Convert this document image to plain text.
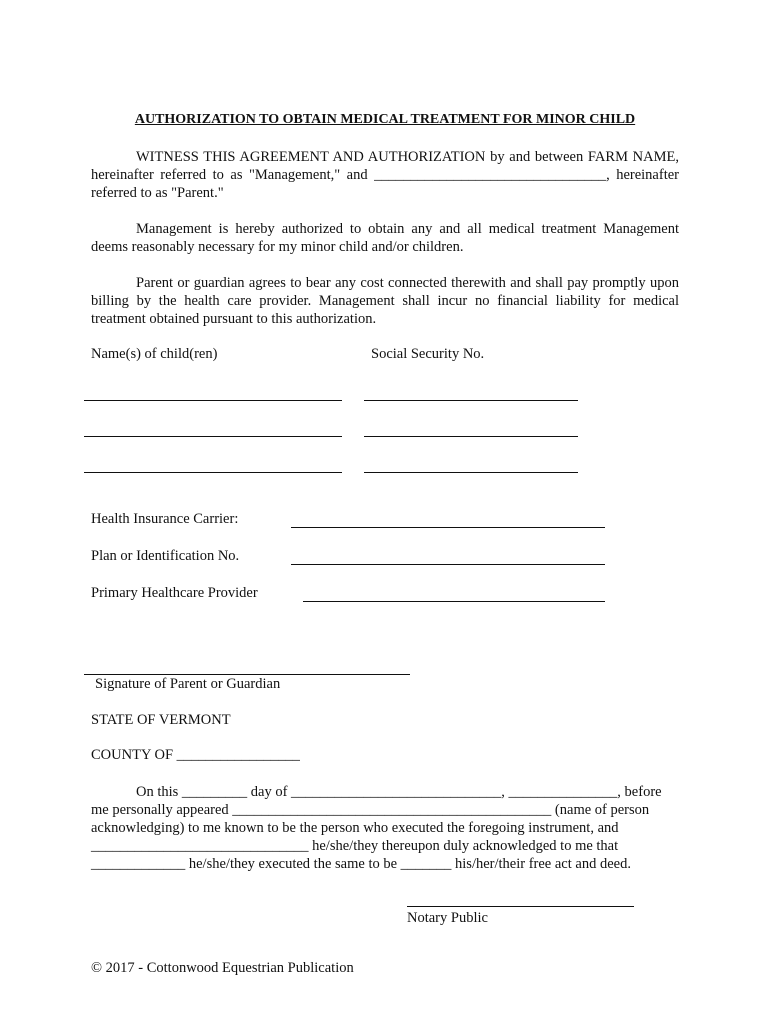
AUTHORIZATION TO OBTAIN MEDICAL TREATMENT FOR MINOR CHILD
WITNESS THIS AGREEMENT AND AUTHORIZATION by and between FARM NAME, hereinafter referred to as "Management," and ________________________________, hereinafter referred to as "Parent."
Management is hereby authorized to obtain any and all medical treatment Management deems reasonably necessary for my minor child and/or children.
Parent or guardian agrees to bear any cost connected therewith and shall pay promptly upon billing by the health care provider. Management shall incur no financial liability for medical treatment obtained pursuant to this authorization.
Name(s) of child(ren)	Social Security No.
Health Insurance Carrier:
Plan or Identification No.
Primary Healthcare Provider
Signature of Parent or Guardian
STATE OF VERMONT
COUNTY OF _________________
On this _________ day of _____________________________, _______________, before
me personally appeared ____________________________________________ (name of person
acknowledging) to me known to be the person who executed the foregoing instrument, and
______________________________ he/she/they thereupon duly acknowledged to me that
_____________ he/she/they executed the same to be _______ his/her/their free act and deed.
Notary Public
© 2017 - Cottonwood Equestrian Publication
